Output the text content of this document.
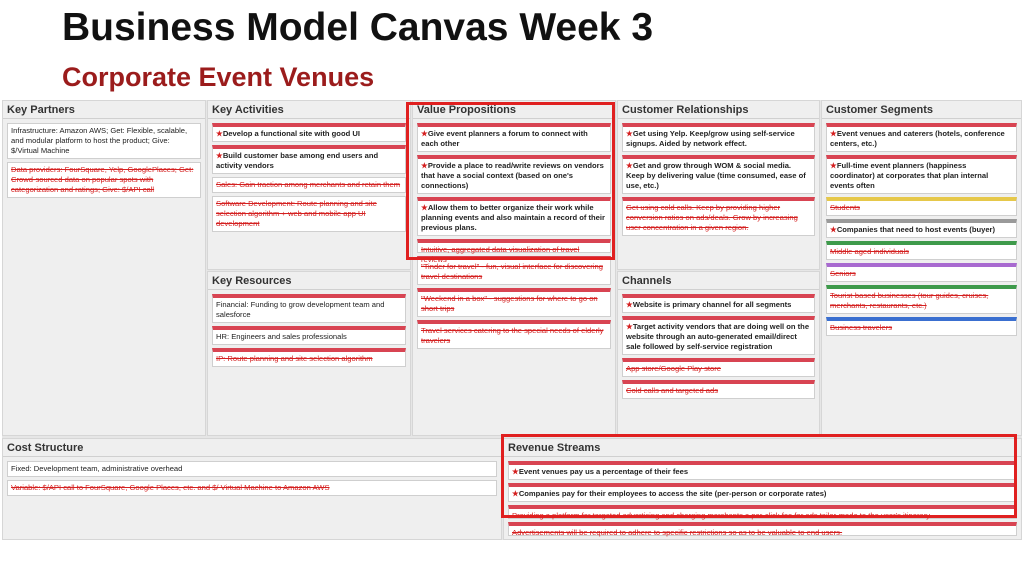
Business Model Canvas Week 3
Corporate Event Venues
Key Partners
Infrastructure: Amazon AWS; Get: Flexible, scalable, and modular platform to host the product; Give: $/Virtual Machine
Data providers: FourSquare, Yelp, GooglePlaces; Get: Crowd-sourced data on popular spots with categorization and ratings; Give: $/API call
Key Activities
★ Develop a functional site with good UI
★ Build customer base among end users and activity vendors
Sales: Gain traction among merchants and retain them
Software Development: Route planning and site selection algorithm + web and mobile app UI development
Key Resources
Financial: Funding to grow development team and salesforce
HR: Engineers and sales professionals
IP: Route planning and site selection algorithm
Value Propositions
★ Give event planners a forum to connect with each other
★ Provide a place to read/write reviews on vendors that have a social context (based on one's connections)
★ Allow them to better organize their work while planning events and also maintain a record of their previous plans.
Intuitive, aggregated data visualization of travel reviews
"Tinder for travel" - fun, visual interface for discovering travel destinations
"Weekend in a box" - suggestions for where to go on short trips
Travel services catering to the special needs of elderly travelers
Customer Relationships
★ Get using Yelp. Keep/grow using self-service signups. Aided by network effect.
★ Get and grow through WOM & social media. Keep by delivering value (time consumed, ease of use, etc.)
Get using cold calls. Keep by providing higher conversion ratios on ads/deals. Grow by increasing user concentration in a given region.
Channels
★ Website is primary channel for all segments
★ Target activity vendors that are doing well on the website through an auto-generated email/direct sale followed by self-service registration
App store/Google Play store
Cold calls and targeted ads
Customer Segments
★ Event venues and caterers (hotels, conference centers, etc.)
★ Full-time event planners (happiness coordinator) at corporates that plan internal events often
Students
★ Companies that need to host events (buyer)
Middle aged individuals
Seniors
Tourist-based businesses (tour guides, cruises, merchants, restaurants, etc.)
Business travelers
Cost Structure
Fixed: Development team, administrative overhead
Variable: $/API call to FourSquare, Google Places, etc. and $/ Virtual Machine to Amazon AWS
Revenue Streams
★ Event venues pay us a percentage of their fees
★ Companies pay for their employees to access the site (per-person or corporate rates)
Providing a platform for targeted advertising and charging merchants a per-click fee for ads tailor-made to the user's itinerary
Advertisements will be required to adhere to specific restrictions so as to be valuable to end users.
